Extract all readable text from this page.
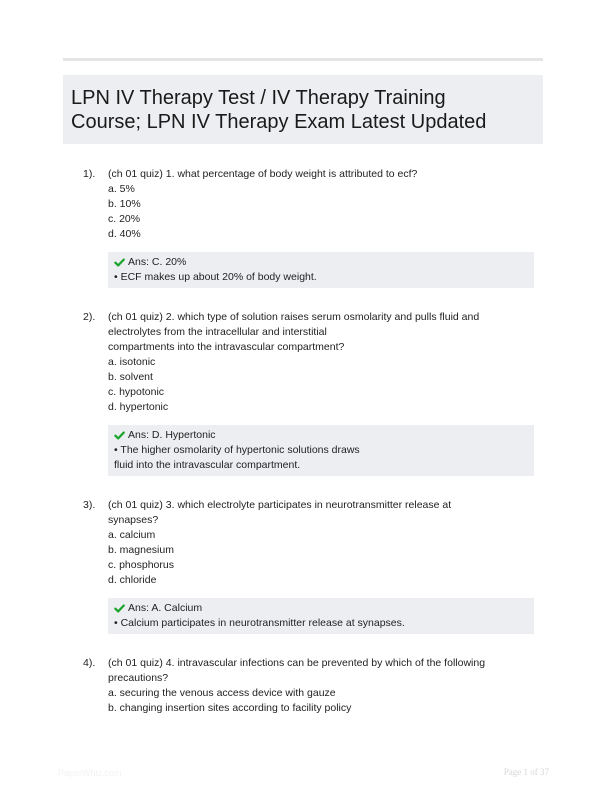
LPN IV Therapy Test / IV Therapy Training
Course; LPN IV Therapy Exam Latest Updated
1). (ch 01 quiz) 1. what percentage of body weight is attributed to ecf?
a. 5%
b. 10%
c. 20%
d. 40%
Ans: C. 20%
• ECF makes up about 20% of body weight.
2). (ch 01 quiz) 2. which type of solution raises serum osmolarity and pulls fluid and
electrolytes from the intracellular and interstitial
compartments into the intravascular compartment?
a. isotonic
b. solvent
c. hypotonic
d. hypertonic
Ans: D. Hypertonic
• The higher osmolarity of hypertonic solutions draws
fluid into the intravascular compartment.
3). (ch 01 quiz) 3. which electrolyte participates in neurotransmitter release at
synapses?
a. calcium
b. magnesium
c. phosphorus
d. chloride
Ans: A. Calcium
• Calcium participates in neurotransmitter release at synapses.
4). (ch 01 quiz) 4. intravascular infections can be prevented by which of the following
precautions?
a. securing the venous access device with gauze
b. changing insertion sites according to facility policy
PaperWhiz.com	Page 1 of 37
